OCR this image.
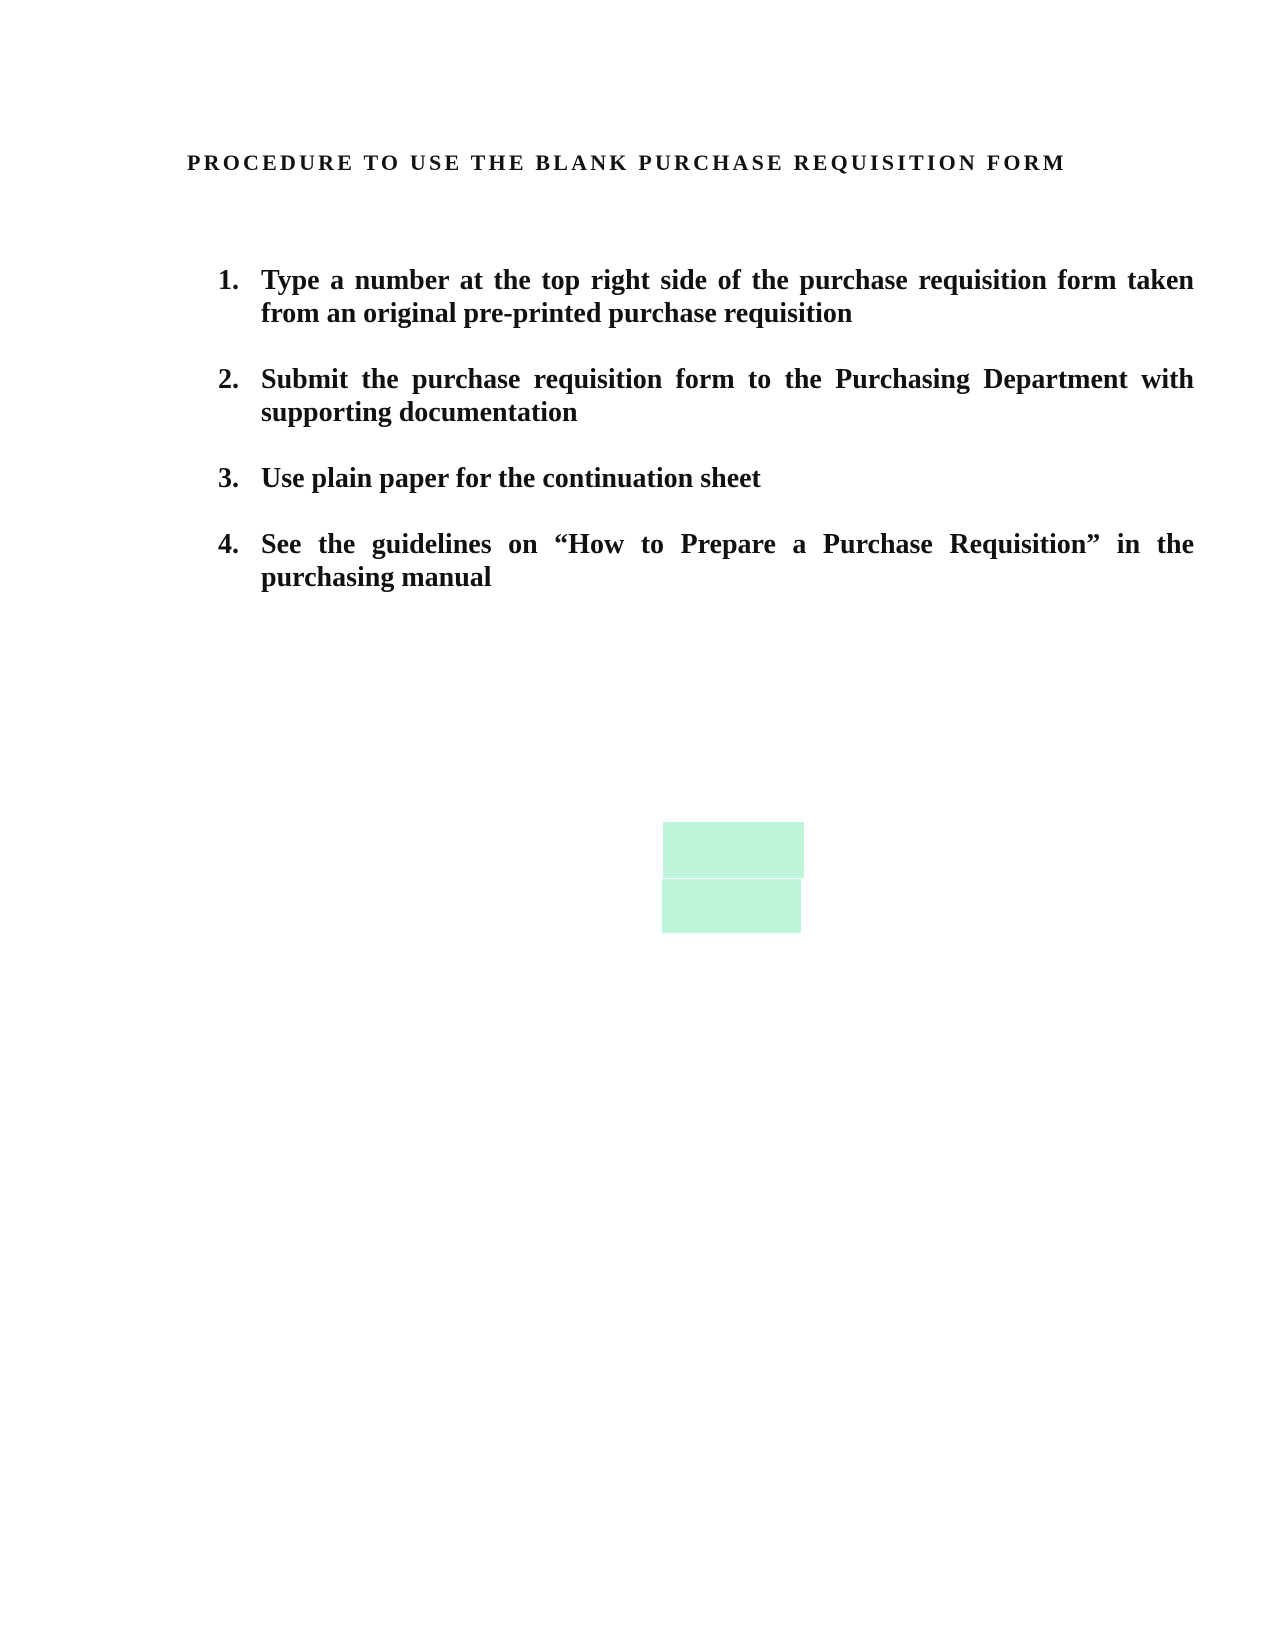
PROCEDURE TO USE THE BLANK PURCHASE REQUISITION FORM
1. Type a number at the top right side of the purchase requisition form taken from an original pre-printed purchase requisition
2. Submit the purchase requisition form to the Purchasing Department with supporting documentation
3. Use plain paper for the continuation sheet
4. See the guidelines on “How to Prepare a Purchase Requisition” in the purchasing manual
